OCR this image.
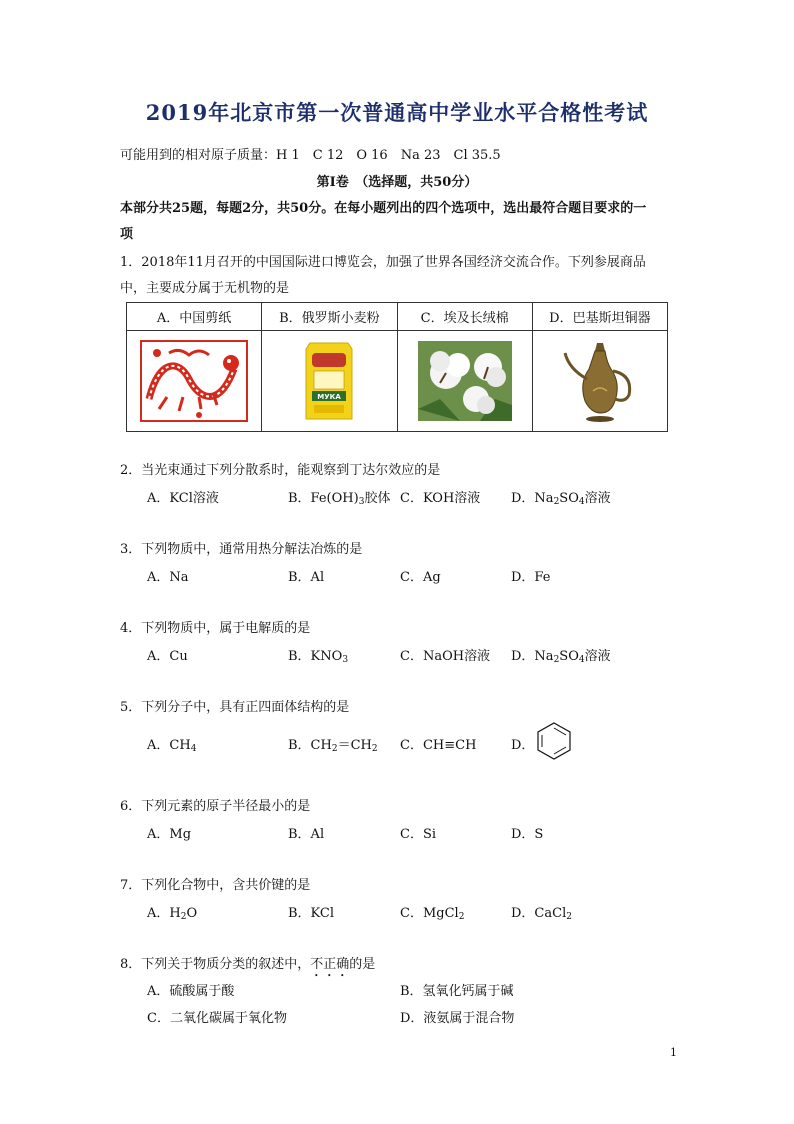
2019年北京市第一次普通高中学业水平合格性考试
可能用到的相对原子质量：H 1　C 12　O 16　Na 23　Cl 35.5
第Ⅰ卷　（选择题，共50分）
本部分共25题，每题2分，共50分。在每小题列出的四个选项中，选出最符合题目要求的一
项
1．2018年11月召开的中国国际进口博览会，加强了世界各国经济交流合作。下列参展商品
中，主要成分属于无机物的是
A．中国剪纸	B．俄罗斯小麦粉	C．埃及长绒棉	D．巴基斯坦铜器

МУКА

2．当光束通过下列分散系时，能观察到丁达尔效应的是
A．KCl溶液	B．$Fe(OH)_3$胶体 C．KOH溶液 D．$Na_2SO_4$溶液
3．下列物质中，通常用热分解法冶炼的是
A．Na	B．Al	C．Ag	D．Fe
4．下列物质中，属于电解质的是
A．Cu	B．$KNO_3$	C．NaOH溶液 D．$Na_2SO_4$溶液
5．下列分子中，具有正四面体结构的是
A．$CH_4$	B．$CH_2=CH_2$ C．CH≡CH	D．
6．下列元素的原子半径最小的是
A．Mg	B．Al	C．Si	D．S
7．下列化合物中，含共价键的是
A．$H_2O$	B．KCl	C．MgCl$_2$	D．CaCl$_2$
8．下列关于物质分类的叙述中，不正确的是
A．硫酸属于酸	B．氢氧化钙属于碱
C．二氧化碳属于氧化物	D．液氨属于混合物
1
